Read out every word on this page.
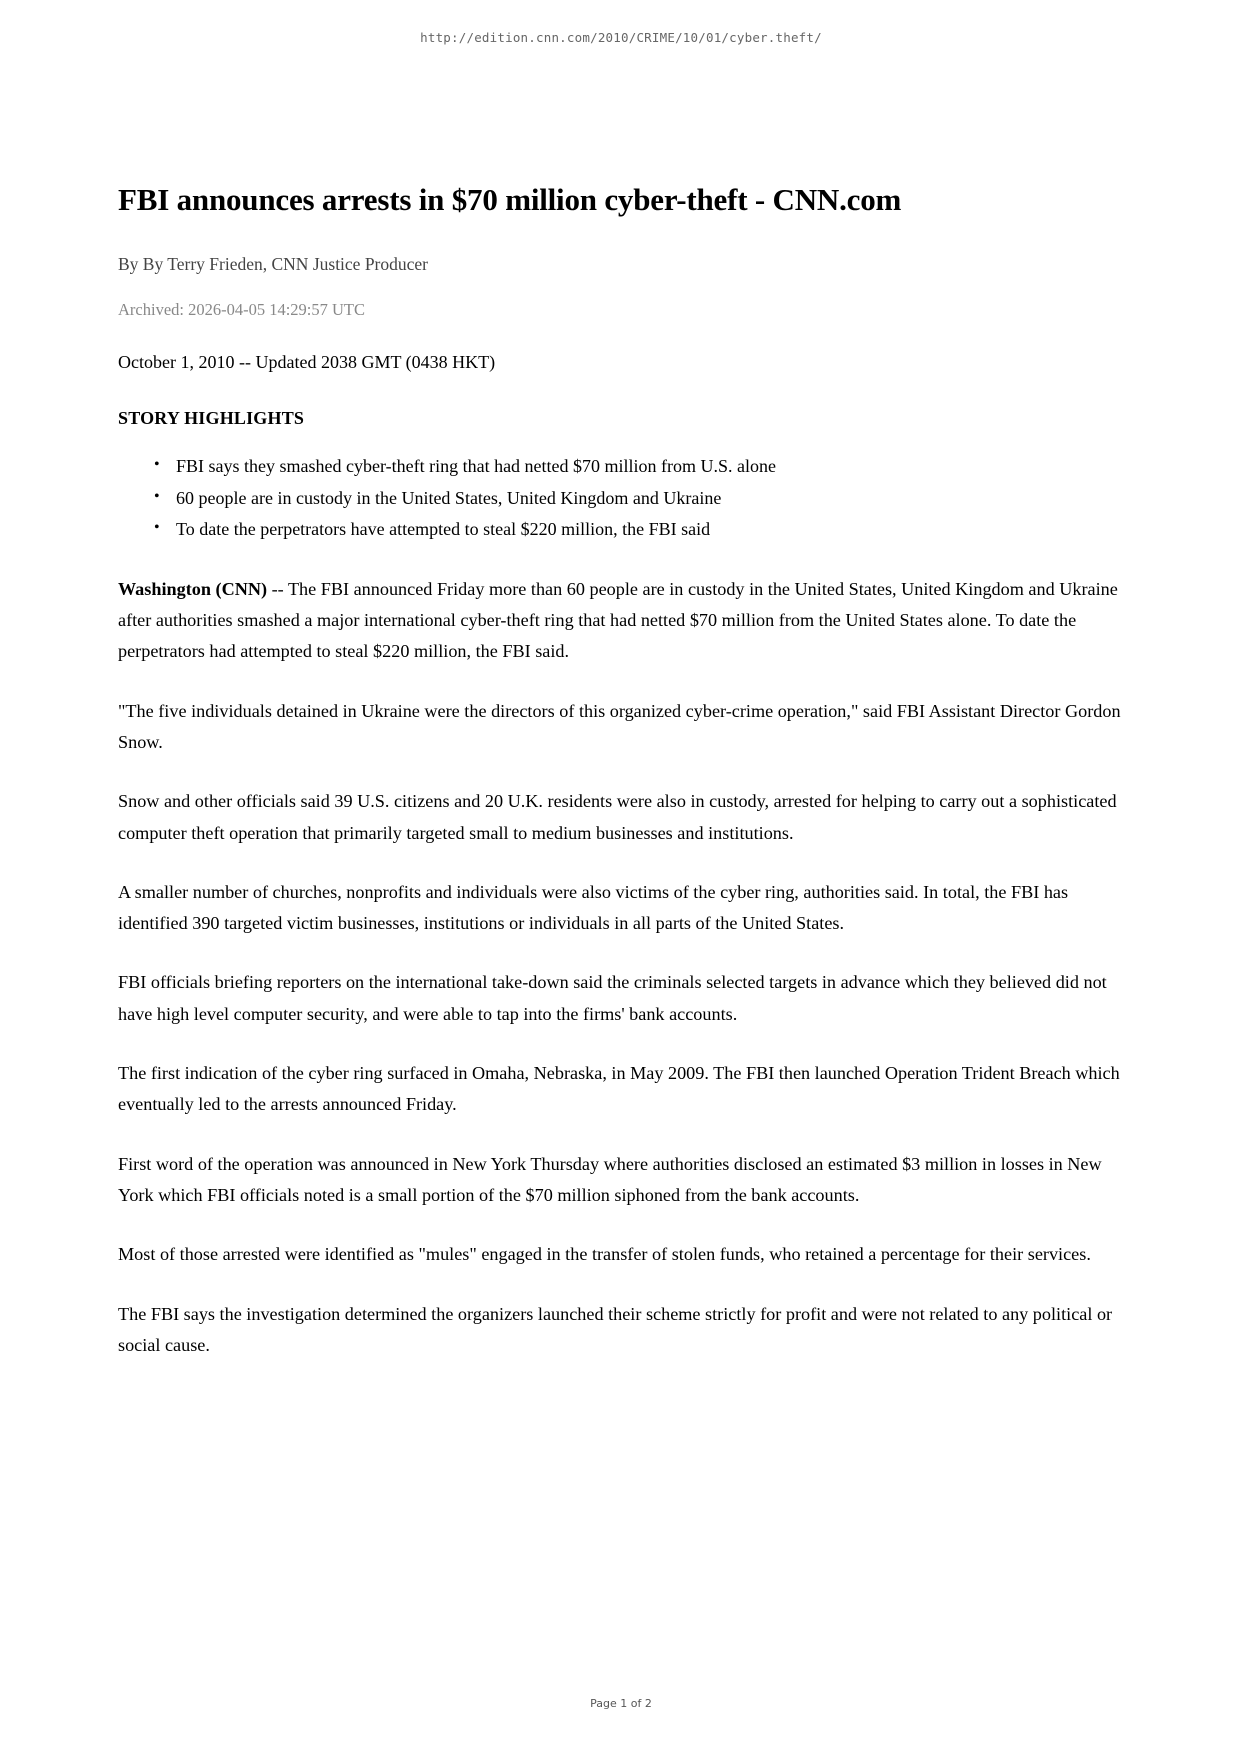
http://edition.cnn.com/2010/CRIME/10/01/cyber.theft/
FBI announces arrests in $70 million cyber-theft - CNN.com
By By Terry Frieden, CNN Justice Producer
Archived: 2026-04-05 14:29:57 UTC
October 1, 2010 -- Updated 2038 GMT (0438 HKT)
STORY HIGHLIGHTS
• FBI says they smashed cyber-theft ring that had netted $70 million from U.S. alone
• 60 people are in custody in the United States, United Kingdom and Ukraine
• To date the perpetrators have attempted to steal $220 million, the FBI said

Washington (CNN) -- The FBI announced Friday more than 60 people are in custody in the United States, United Kingdom and Ukraine after authorities smashed a major international cyber-theft ring that had netted $70 million from the United States alone. To date the perpetrators had attempted to steal $220 million, the FBI said.

"The five individuals detained in Ukraine were the directors of this organized cyber-crime operation," said FBI Assistant Director Gordon Snow.

Snow and other officials said 39 U.S. citizens and 20 U.K. residents were also in custody, arrested for helping to carry out a sophisticated computer theft operation that primarily targeted small to medium businesses and institutions.

A smaller number of churches, nonprofits and individuals were also victims of the cyber ring, authorities said. In total, the FBI has identified 390 targeted victim businesses, institutions or individuals in all parts of the United States.

FBI officials briefing reporters on the international take-down said the criminals selected targets in advance which they believed did not have high level computer security, and were able to tap into the firms' bank accounts.

The first indication of the cyber ring surfaced in Omaha, Nebraska, in May 2009. The FBI then launched Operation Trident Breach which eventually led to the arrests announced Friday.

First word of the operation was announced in New York Thursday where authorities disclosed an estimated $3 million in losses in New York which FBI officials noted is a small portion of the $70 million siphoned from the bank accounts.

Most of those arrested were identified as "mules" engaged in the transfer of stolen funds, who retained a percentage for their services.

The FBI says the investigation determined the organizers launched their scheme strictly for profit and were not related to any political or social cause.

Page 1 of 2
